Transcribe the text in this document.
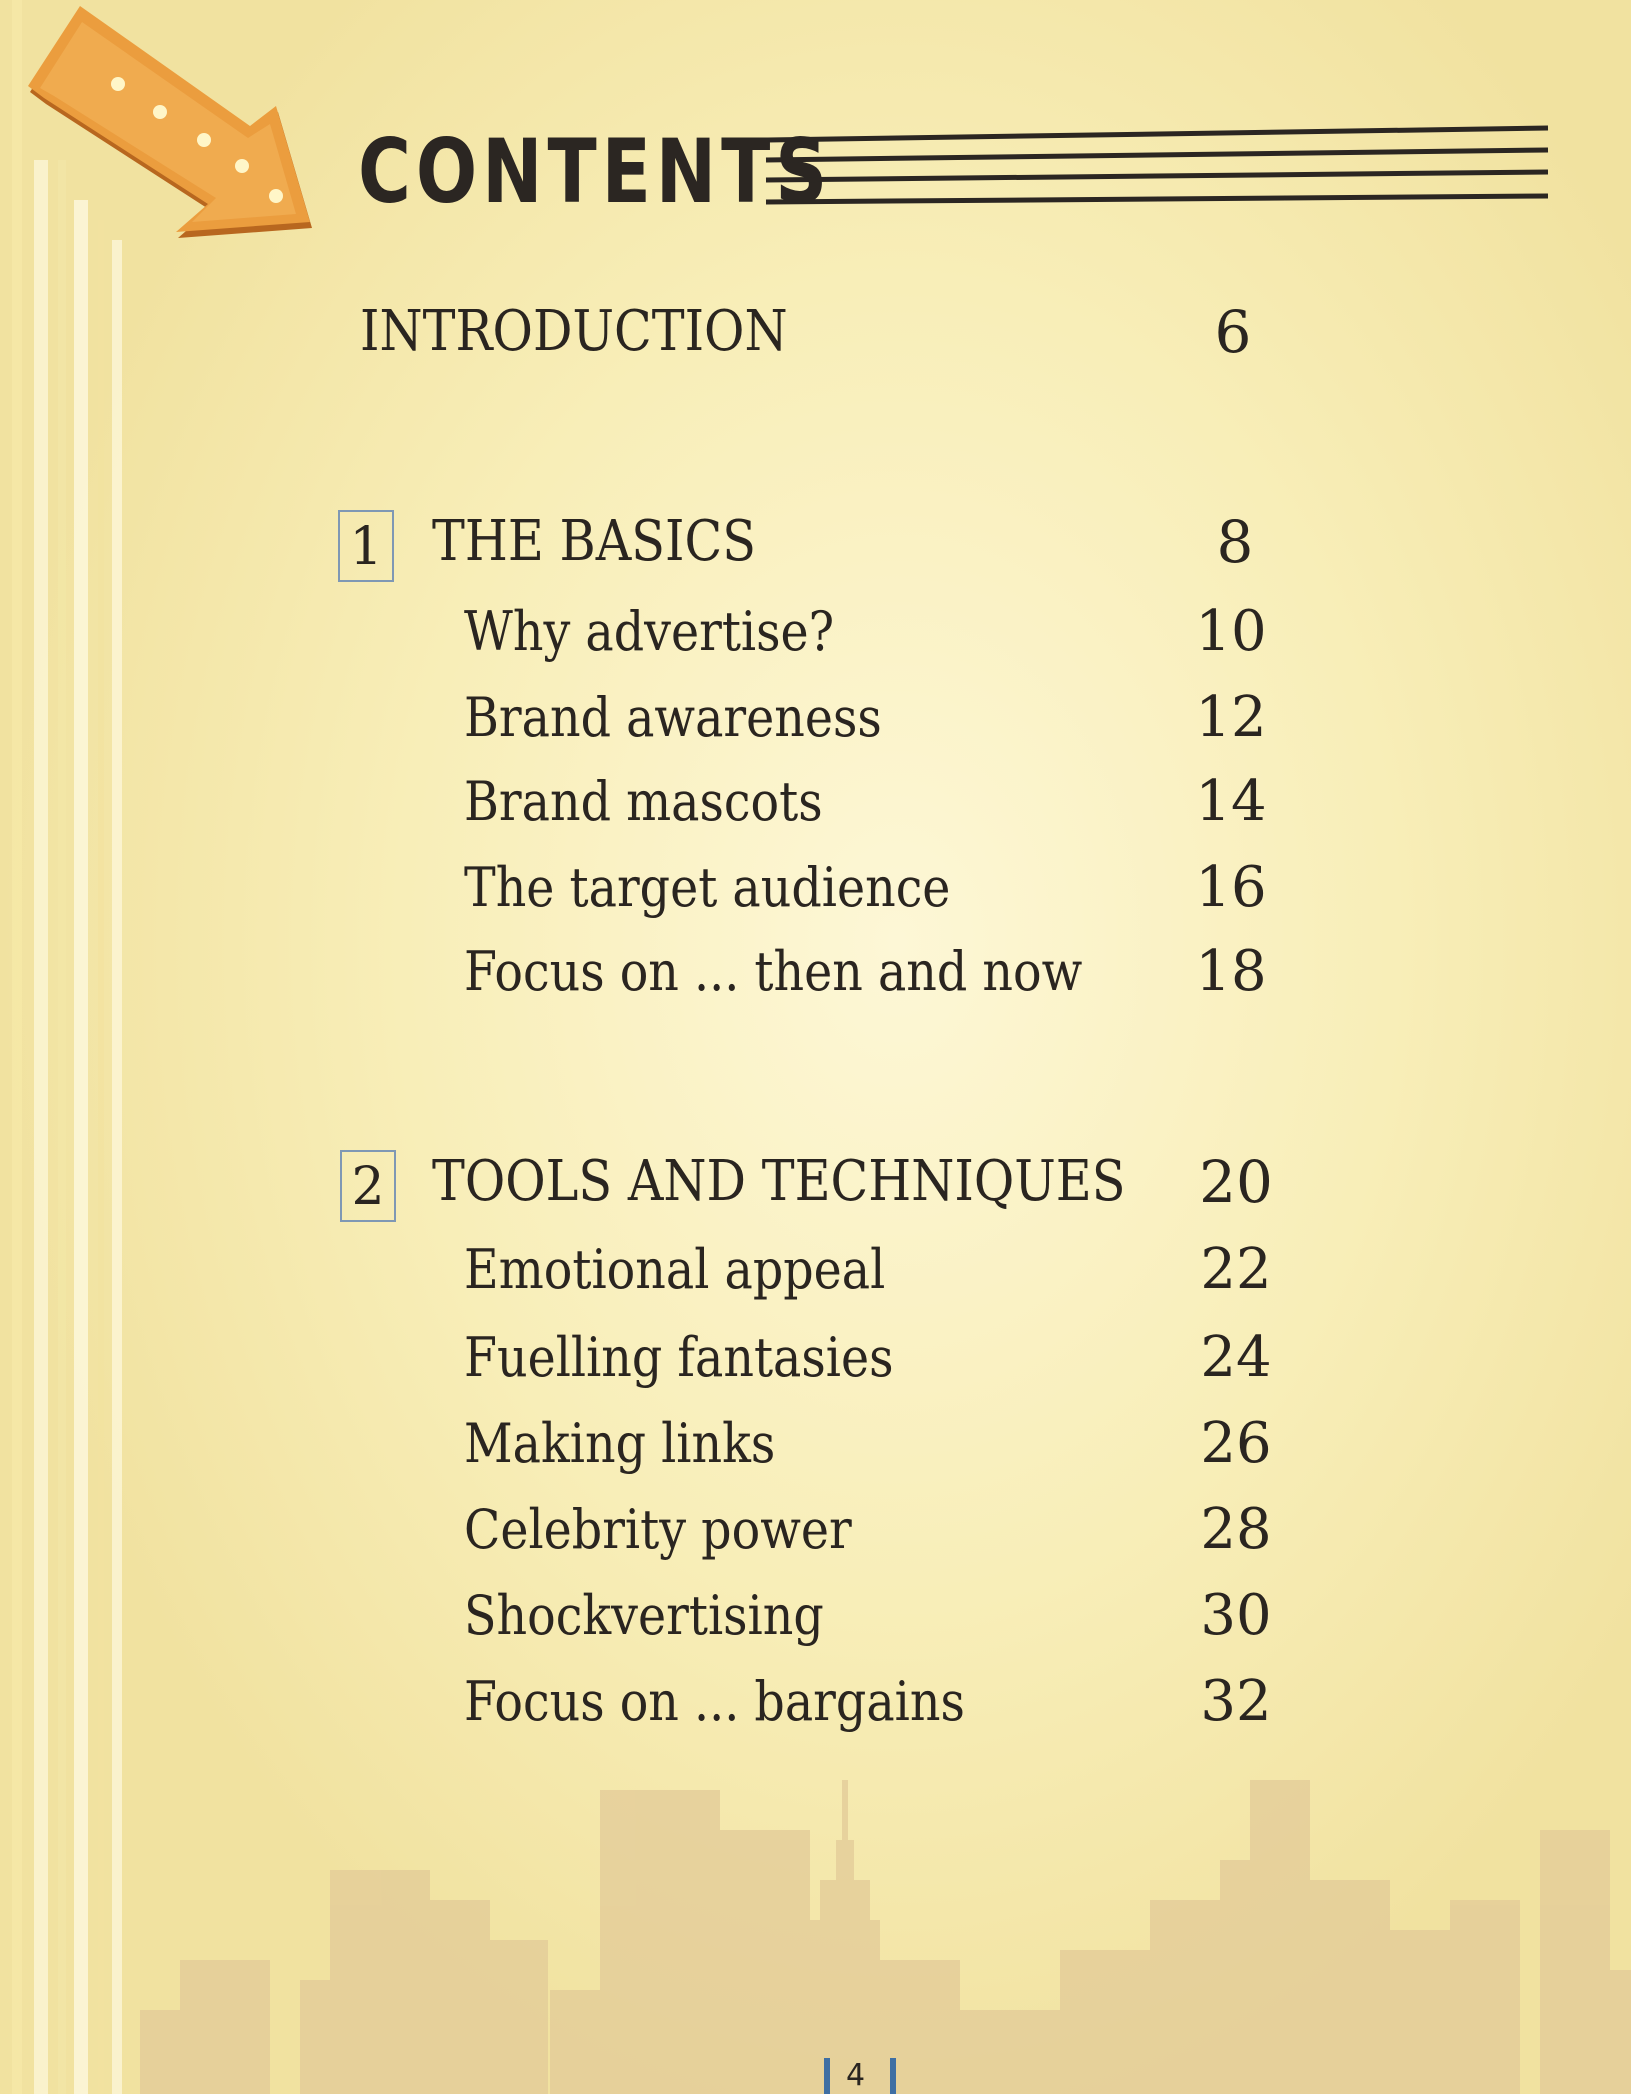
CONTENTS
INTRODUCTION	6
1 THE BASICS	8
Why advertise?	10
Brand awareness	12
Brand mascots	14
The target audience	16
Focus on ... then and now	18
2 TOOLS AND TECHNIQUES	20
Emotional appeal	22
Fuelling fantasies	24
Making links	26
Celebrity power	28
Shockvertising	30
Focus on ... bargains	32
4
